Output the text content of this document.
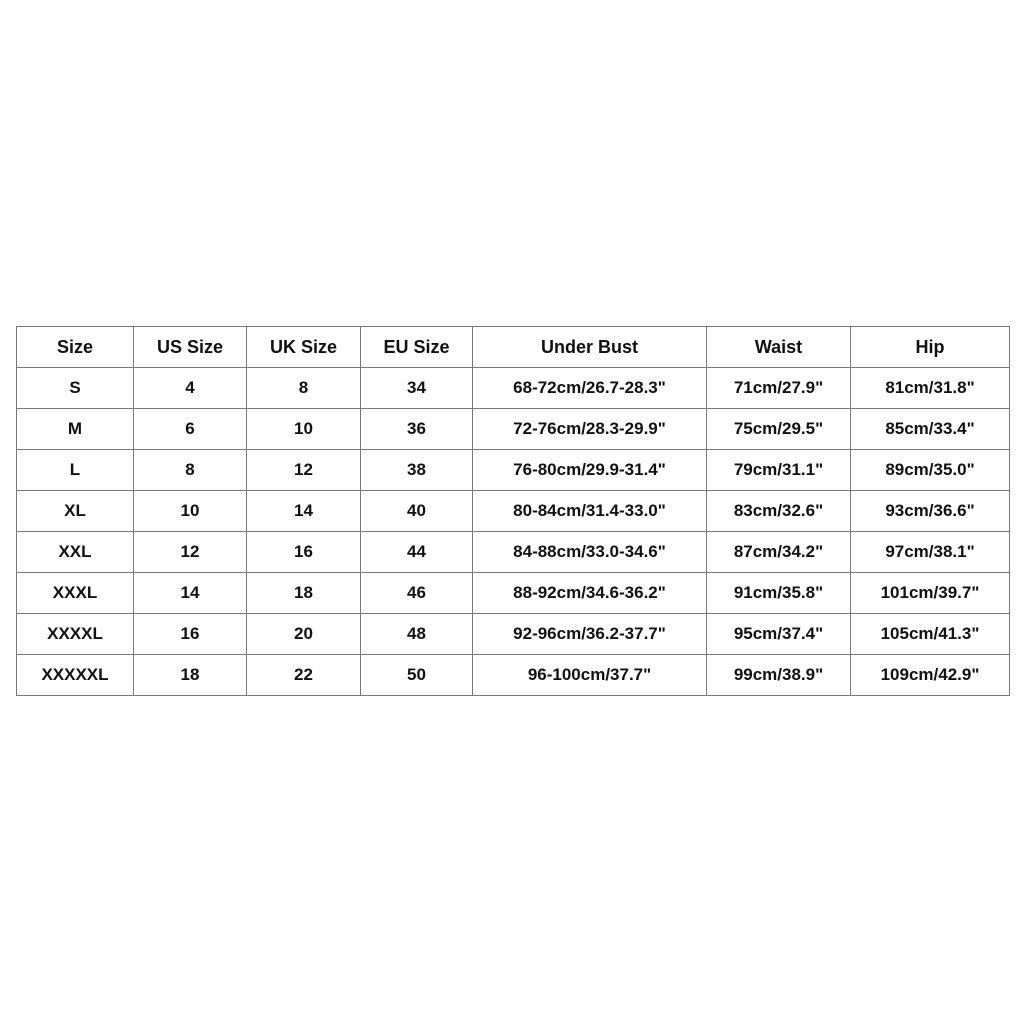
Size	US Size	UK Size	EU Size	Under Bust	Waist	Hip
S	4	8	34	68-72cm/26.7-28.3"	71cm/27.9"	81cm/31.8"
M	6	10	36	72-76cm/28.3-29.9"	75cm/29.5"	85cm/33.4"
L	8	12	38	76-80cm/29.9-31.4"	79cm/31.1"	89cm/35.0"
XL	10	14	40	80-84cm/31.4-33.0"	83cm/32.6"	93cm/36.6"
XXL	12	16	44	84-88cm/33.0-34.6"	87cm/34.2"	97cm/38.1"
XXXL	14	18	46	88-92cm/34.6-36.2"	91cm/35.8"	101cm/39.7"
XXXXL	16	20	48	92-96cm/36.2-37.7"	95cm/37.4"	105cm/41.3"
XXXXXL	18	22	50	96-100cm/37.7"	99cm/38.9"	109cm/42.9"
